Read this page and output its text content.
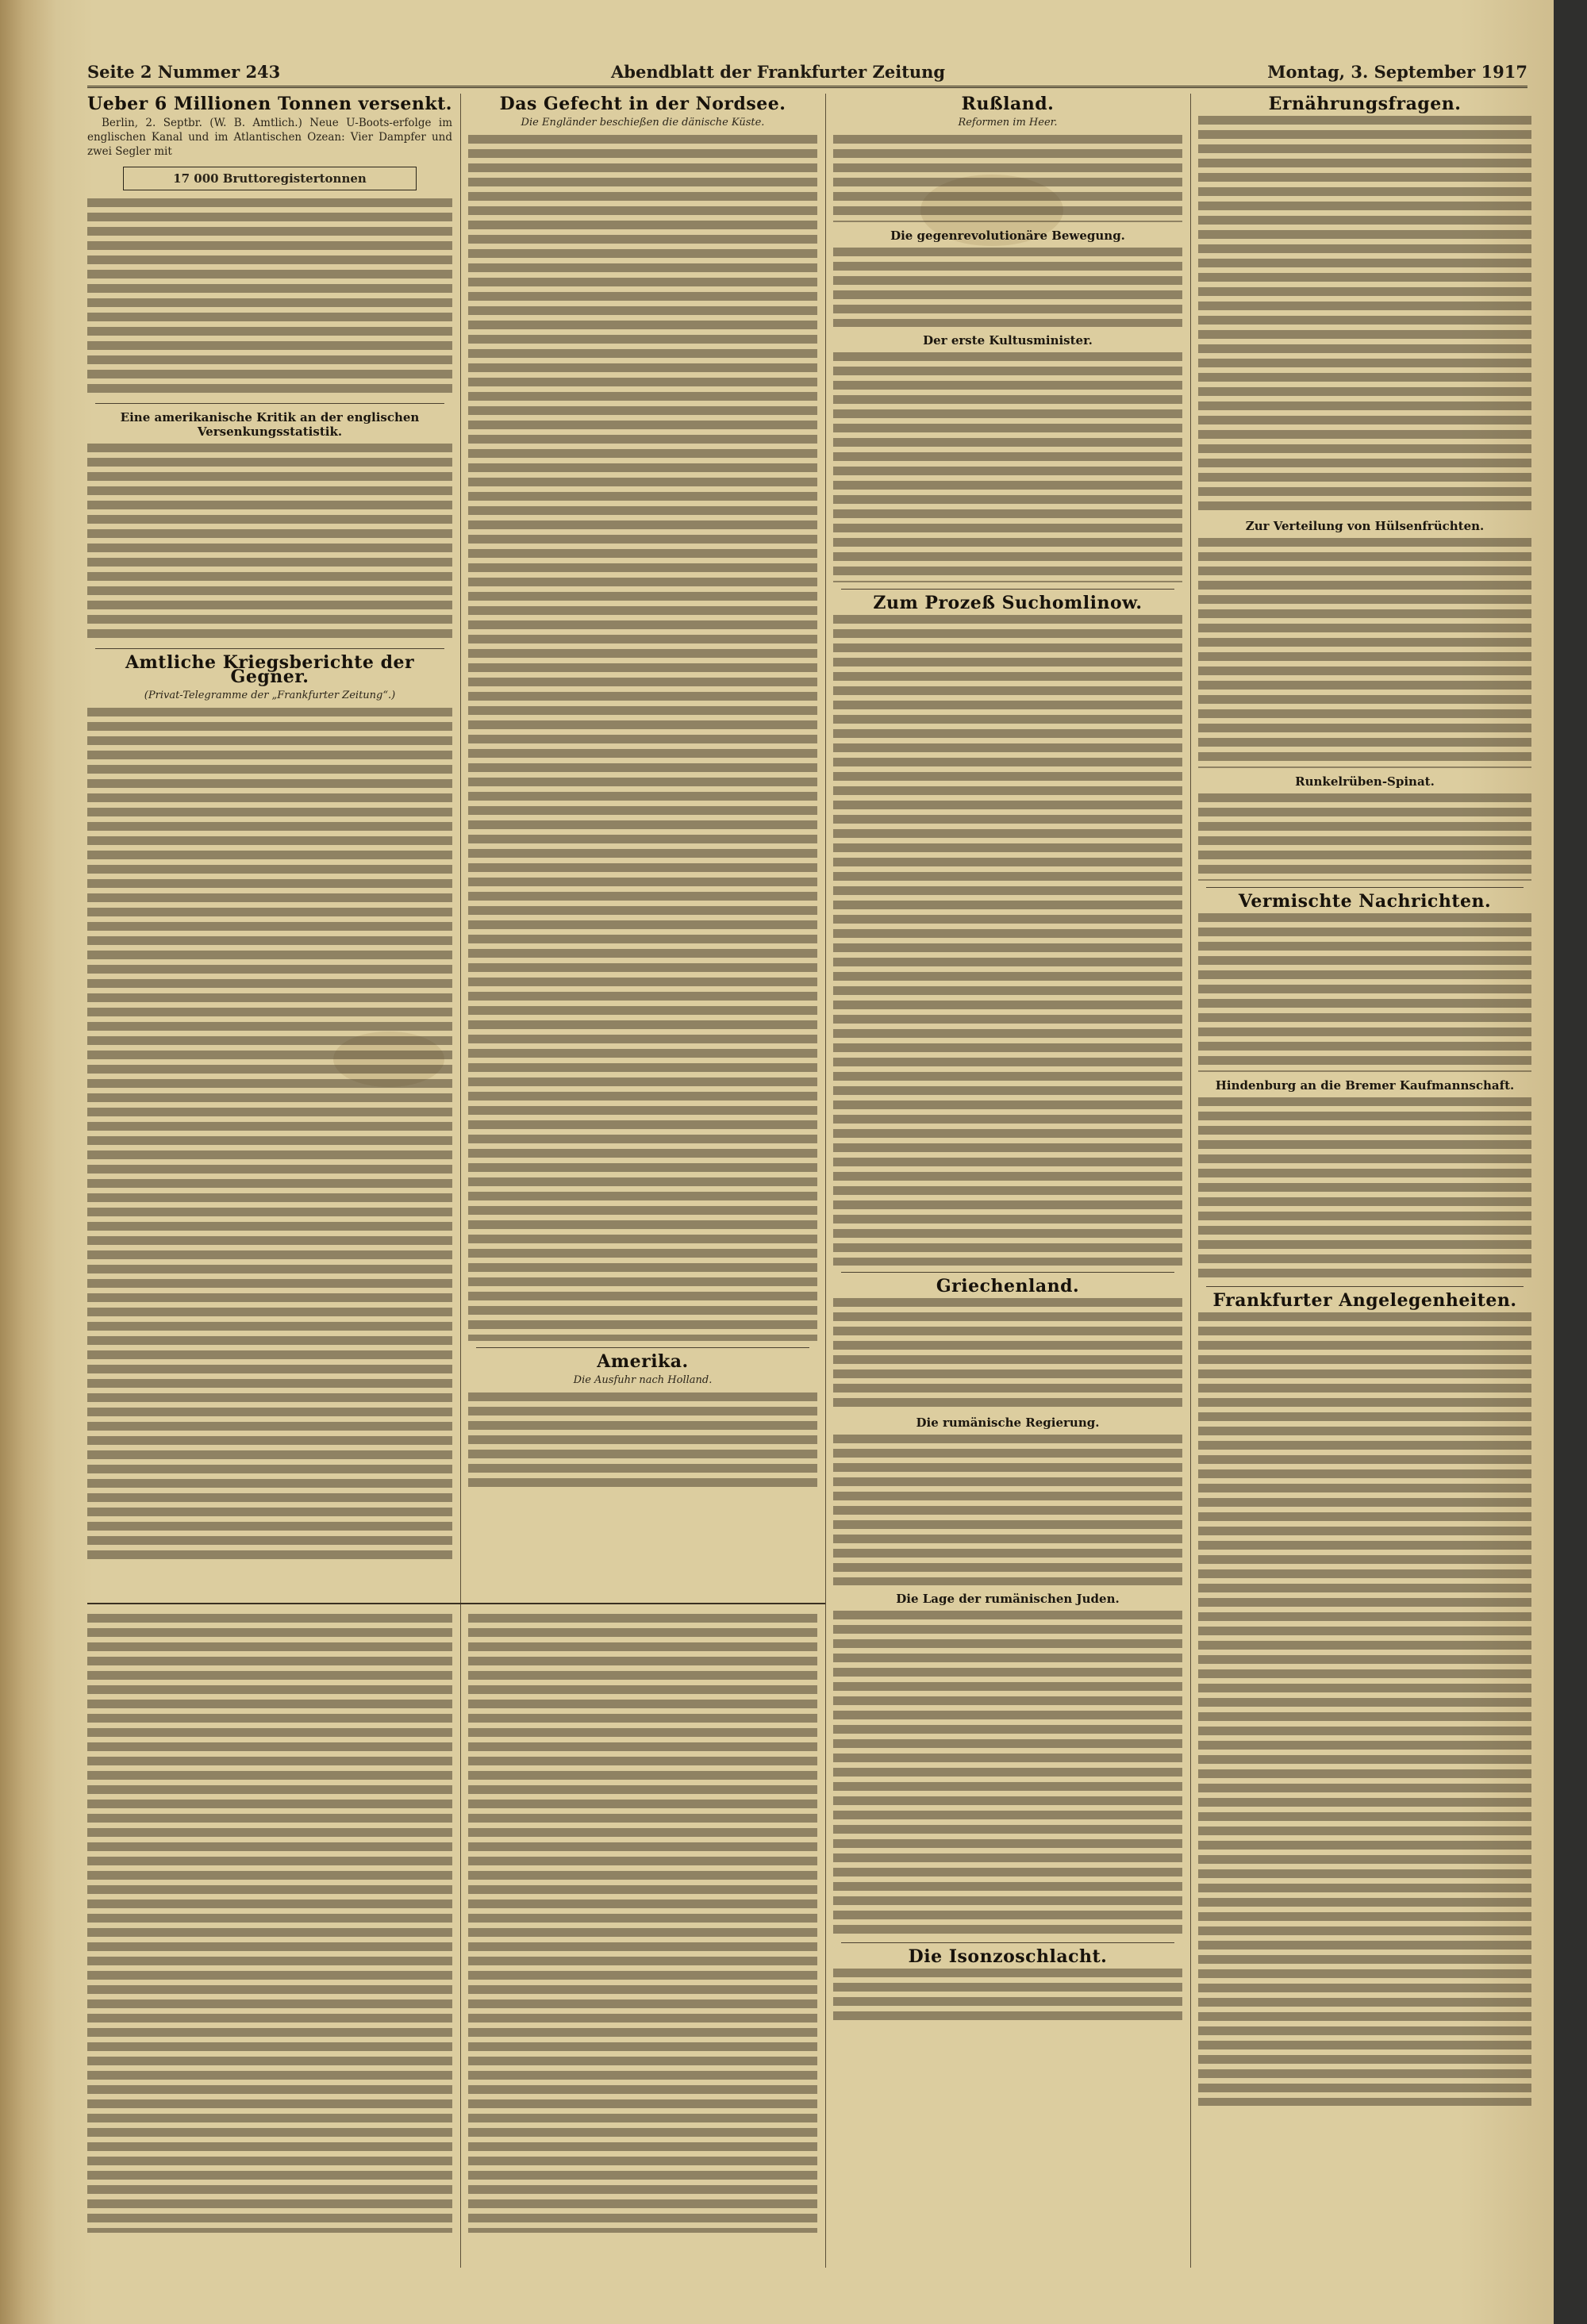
Seite 2 Nummer 243	Abendblatt der Frankfurter Zeitung	Montag, 3. September 1917
Ueber 6 Millionen Tonnen versenkt.

Berlin, 2. Septbr. (W. B. Amtlich.) Neue U-Boots-erfolge im englischen Kanal und im Atlantischen Ozean: Vier Dampfer und zwei Segler mit

17 000 Bruttoregistertonnen
Eine amerikanische Kritik an der englischen Versenkungsstatistik.
Amtliche Kriegsberichte der Gegner.
(Privat-Telegramme der „Frankfurter Zeitung“.)
Das Gefecht in der Nordsee.
Die Engländer beschießen die dänische Küste.
Amerika.
Die Ausfuhr nach Holland.
Rußland.
Reformen im Heer.
Die gegenrevolutionäre Bewegung.
Der erste Kultusminister.
Zum Prozeß Suchomlinow.
Griechenland.
Die rumänische Regierung.
Die Lage der rumänischen Juden.
Die Isonzoschlacht.
Ernährungsfragen.
Zur Verteilung von Hülsenfrüchten.
Runkelrüben-Spinat.
Vermischte Nachrichten.
Hindenburg an die Bremer Kaufmannschaft.
Frankfurter Angelegenheiten.
